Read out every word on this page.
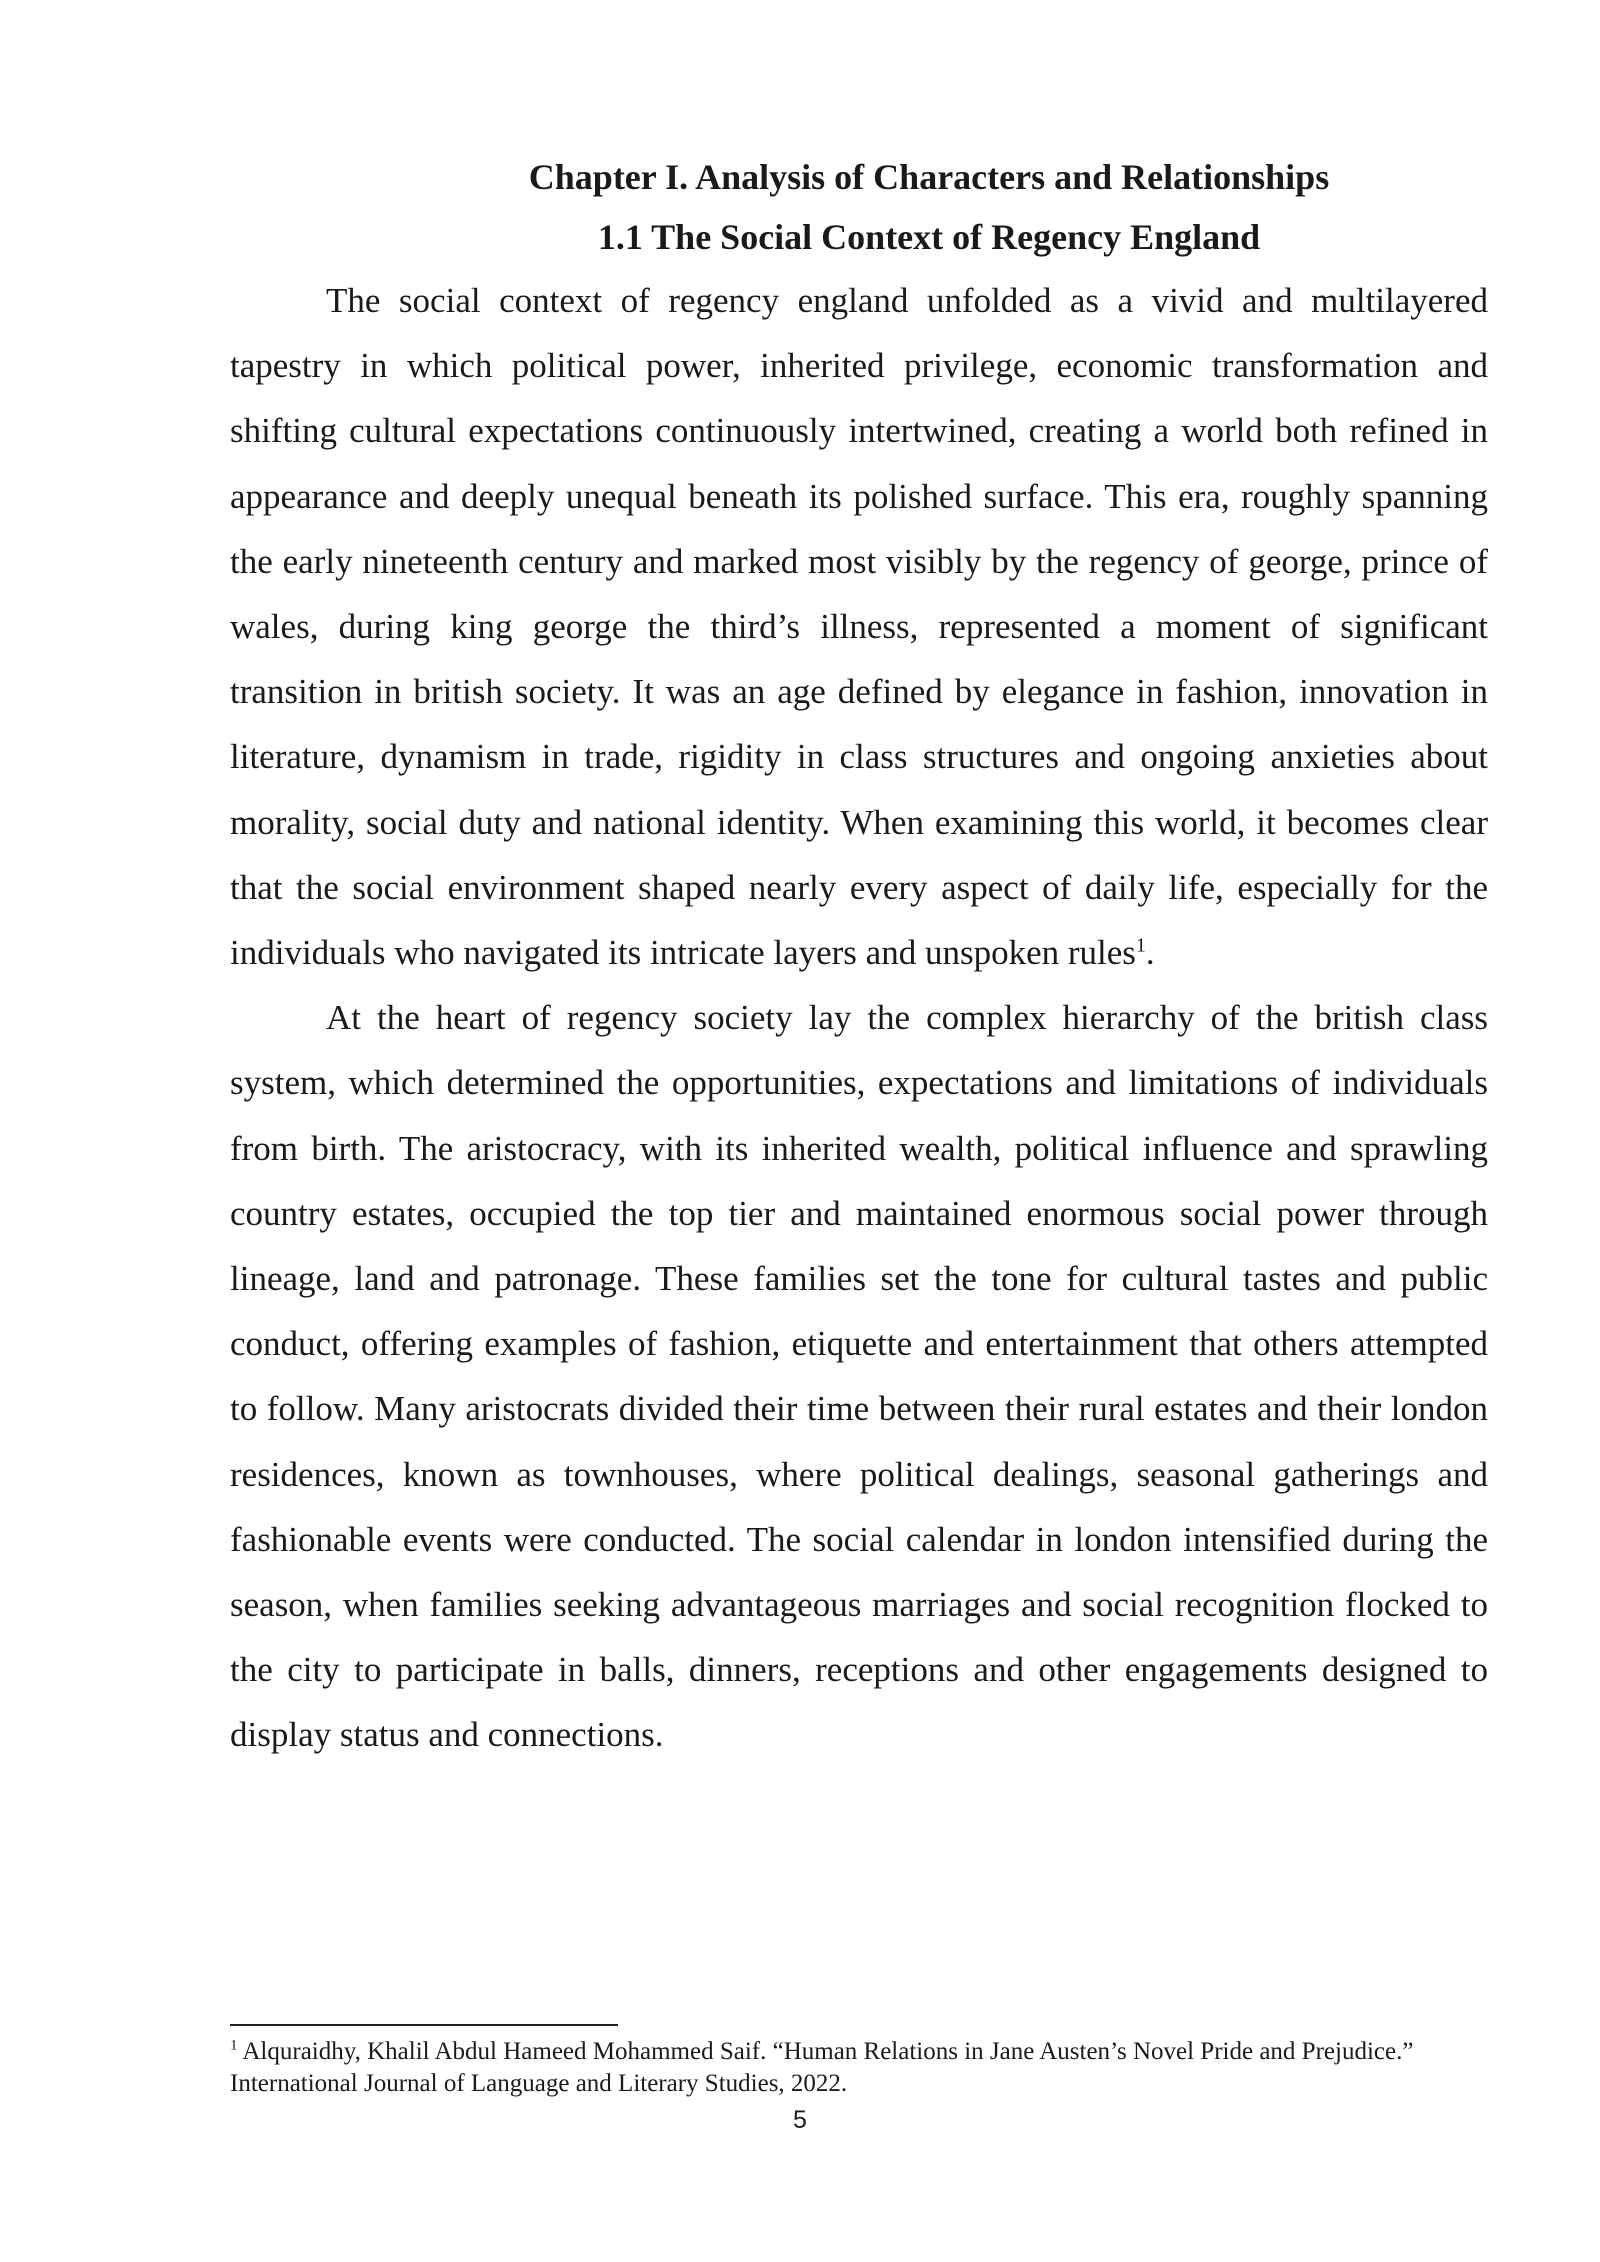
Chapter I. Analysis of Characters and Relationships
1.1 The Social Context of Regency England

The social context of regency england unfolded as a vivid and multilayered tapestry in which political power, inherited privilege, economic transformation and shifting cultural expectations continuously intertwined, creating a world both refined in appearance and deeply unequal beneath its polished surface. This era, roughly spanning the early nineteenth century and marked most visibly by the regency of george, prince of wales, during king george the third’s illness, represented a moment of significant transition in british society. It was an age defined by elegance in fashion, innovation in literature, dynamism in trade, rigidity in class structures and ongoing anxieties about morality, social duty and national identity. When examining this world, it becomes clear that the social environment shaped nearly every aspect of daily life, especially for the individuals who navigated its intricate layers and unspoken rules$^1$.

At the heart of regency society lay the complex hierarchy of the british class system, which determined the opportunities, expectations and limitations of individuals from birth. The aristocracy, with its inherited wealth, political influence and sprawling country estates, occupied the top tier and maintained enormous social power through lineage, land and patronage. These families set the tone for cultural tastes and public conduct, offering examples of fashion, etiquette and entertainment that others attempted to follow. Many aristocrats divided their time between their rural estates and their london residences, known as townhouses, where political dealings, seasonal gatherings and fashionable events were conducted. The social calendar in london intensified during the season, when families seeking advantageous marriages and social recognition flocked to the city to participate in balls, dinners, receptions and other engagements designed to display status and connections.

$^1$ Alquraidhy, Khalil Abdul Hameed Mohammed Saif. “Human Relations in Jane Austen’s Novel Pride and Prejudice.” International Journal of Language and Literary Studies, 2022.

5
